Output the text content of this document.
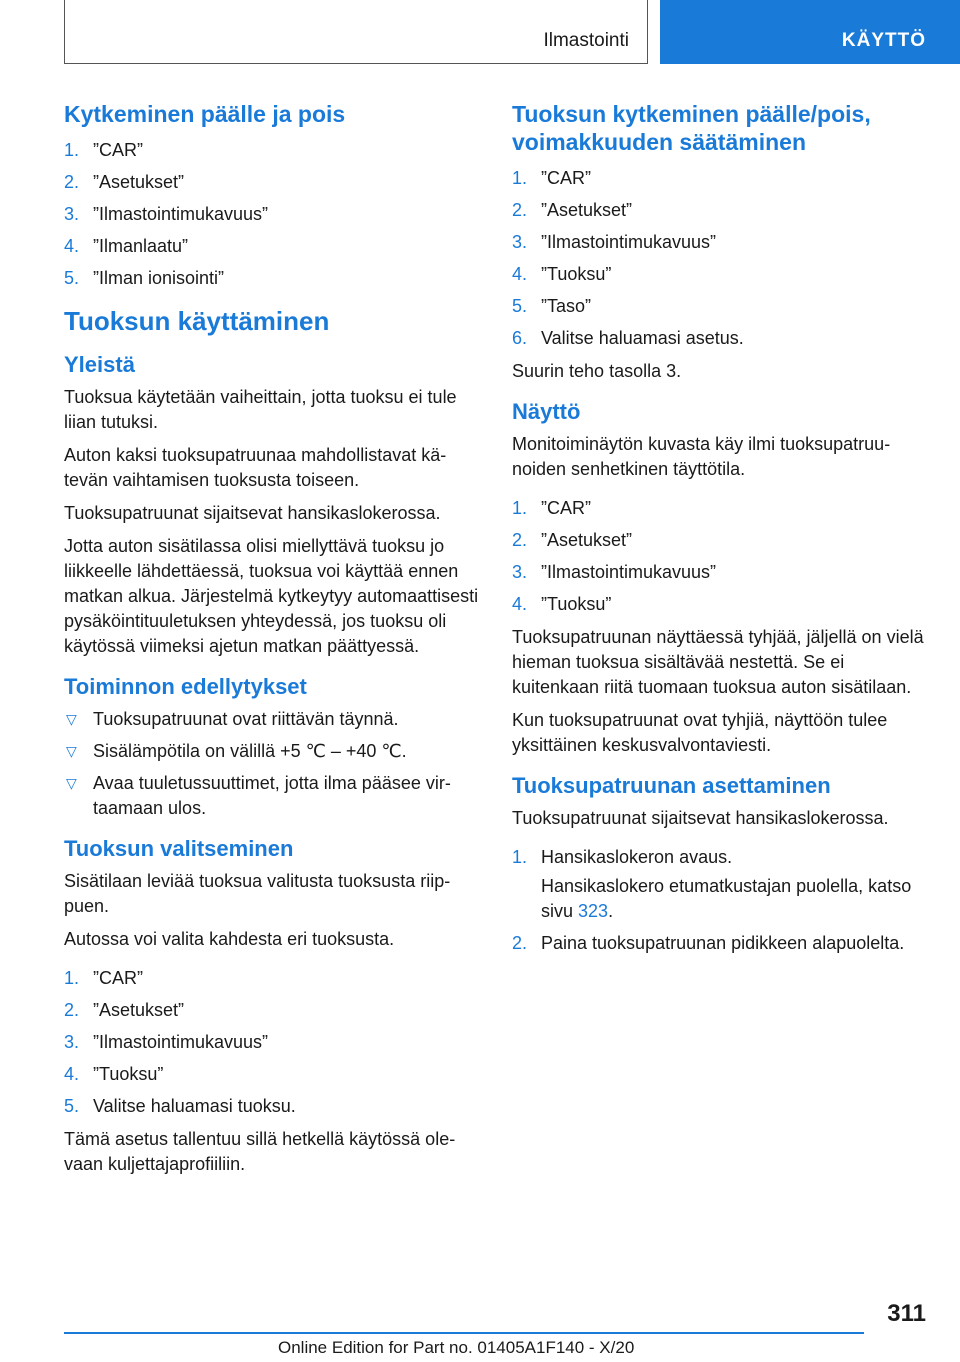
Ilmastointi	KÄYTTÖ
Kytkeminen päälle ja pois
1. ”CAR”
2. ”Asetukset”
3. ”Ilmastointimukavuus”
4. ”Ilmanlaatu”
5. ”Ilman ionisointi”
Tuoksun käyttäminen
Yleistä

Tuoksua käytetään vaiheittain, jotta tuoksu ei tule liian tutuksi.

Auton kaksi tuoksupatruunaa mahdollistavat kätevän vaihtamisen tuoksusta toiseen.

Tuoksupatruunat sijaitsevat hansikaslokerossa.

Jotta auton sisätilassa olisi miellyttävä tuoksu jo liikkeelle lähdettäessä, tuoksua voi käyttää ennen matkan alkua. Järjestelmä kytkeytyy automaattisesti pysäköintituuletuksen yhteydessä, jos tuoksu oli käytössä viimeksi ajetun matkan päättyessä.

Toiminnon edellytykset
▽ Tuoksupatruunat ovat riittävän täynnä.
▽ Sisälämpötila on välillä +5 ℃ – +40 ℃.
▽ Avaa tuuletussuuttimet, jotta ilma pääsee virtaamaan ulos.
Tuoksun valitseminen

Sisätilaan leviää tuoksua valitusta tuoksusta riippuen.

Autossa voi valita kahdesta eri tuoksusta.

1. ”CAR”
2. ”Asetukset”
3. ”Ilmastointimukavuus”
4. ”Tuoksu”
5. Valitse haluamasi tuoksu.

Tämä asetus tallentuu sillä hetkellä käytössä olevaan kuljettajaprofiiliin.

Tuoksun kytkeminen päälle/pois, voimakkuuden säätäminen
1. ”CAR”
2. ”Asetukset”
3. ”Ilmastointimukavuus”
4. ”Tuoksu”
5. ”Taso”
6. Valitse haluamasi asetus.

Suurin teho tasolla 3.

Näyttö

Monitoiminäytön kuvasta käy ilmi tuoksupatruunoiden senhetkinen täyttötila.

1. ”CAR”
2. ”Asetukset”
3. ”Ilmastointimukavuus”
4. ”Tuoksu”

Tuoksupatruunan näyttäessä tyhjää, jäljellä on vielä hieman tuoksua sisältävää nestettä. Se ei kuitenkaan riitä tuomaan tuoksua auton sisätilaan.

Kun tuoksupatruunat ovat tyhjiä, näyttöön tulee yksittäinen keskusvalvontaviesti.

Tuoksupatruunan asettaminen

Tuoksupatruunat sijaitsevat hansikaslokerossa.

1. Hansikaslokeron avaus.

Hansikaslokero etumatkustajan puolella, katso sivu 323.

2. Paina tuoksupatruunan pidikkeen alapuolelta.
311
Online Edition for Part no. 01405A1F140 - X/20
